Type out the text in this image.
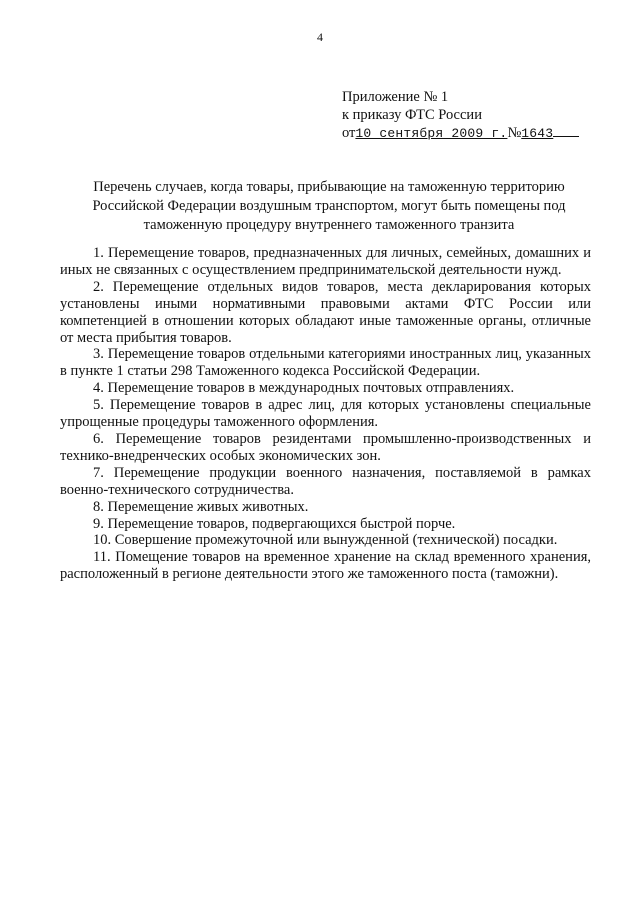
4
Приложение № 1
к приказу ФТС России
от10 сентября 2009 г.№1643
Перечень случаев, когда товары, прибывающие на таможенную территорию Российской Федерации воздушным транспортом, могут быть помещены под таможенную процедуру внутреннего таможенного транзита

1. Перемещение товаров, предназначенных для личных, семейных, домашних и иных не связанных с осуществлением предпринимательской деятельности нужд.

2. Перемещение отдельных видов товаров, места декларирования которых установлены иными нормативными правовыми актами ФТС России или компетенцией в отношении которых обладают иные таможенные органы, отличные от места прибытия товаров.

3. Перемещение товаров отдельными категориями иностранных лиц, указанных в пункте 1 статьи 298 Таможенного кодекса Российской Федерации.

4. Перемещение товаров в международных почтовых отправлениях.

5. Перемещение товаров в адрес лиц, для которых установлены специальные упрощенные процедуры таможенного оформления.

6. Перемещение товаров резидентами промышленно-производственных и технико-внедренческих особых экономических зон.

7. Перемещение продукции военного назначения, поставляемой в рамках военно-технического сотрудничества.

8. Перемещение живых животных.

9. Перемещение товаров, подвергающихся быстрой порче.

10. Совершение промежуточной или вынужденной (технической) посадки.

11. Помещение товаров на временное хранение на склад временного хранения, расположенный в регионе деятельности этого же таможенного поста (таможни).
